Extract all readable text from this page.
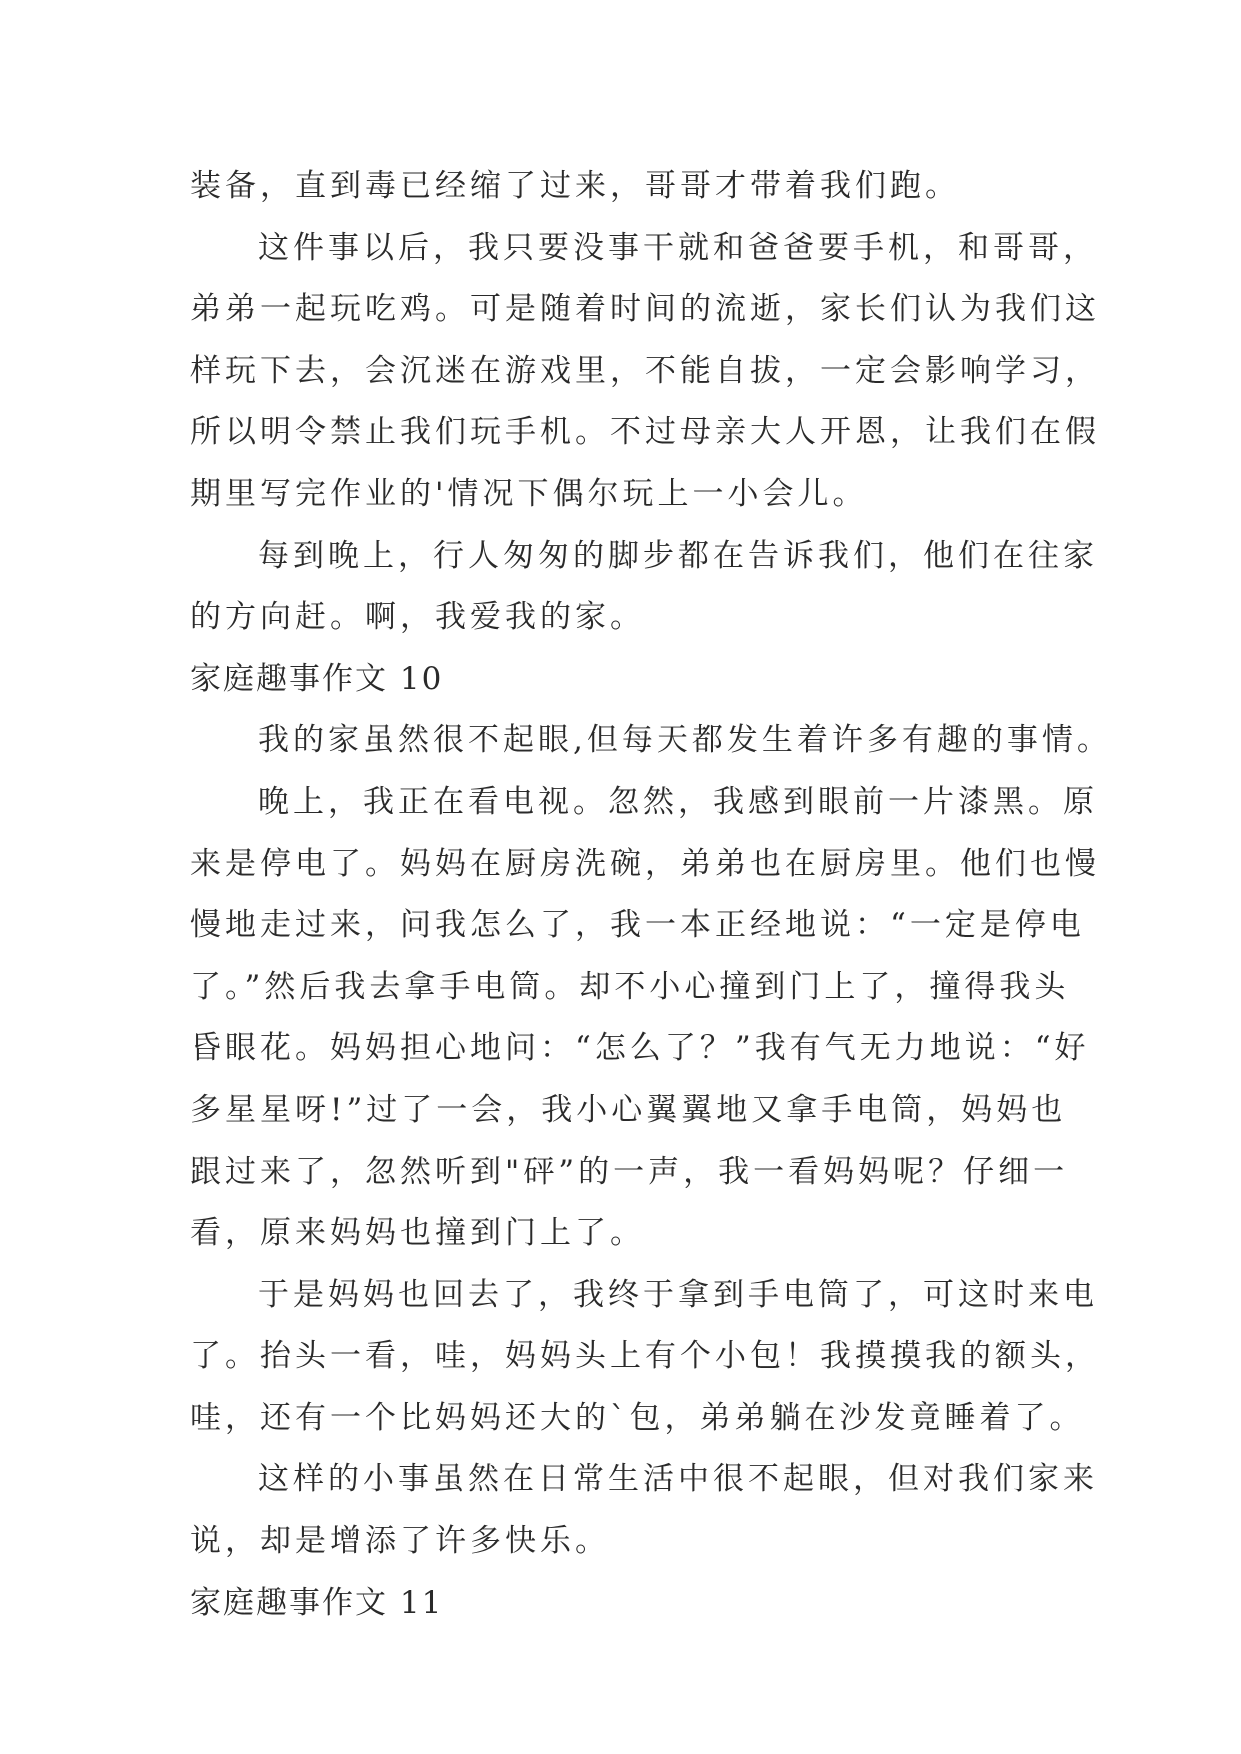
装备，直到毒已经缩了过来，哥哥才带着我们跑。
这件事以后，我只要没事干就和爸爸要手机，和哥哥，
弟弟一起玩吃鸡。可是随着时间的流逝，家长们认为我们这
样玩下去，会沉迷在游戏里，不能自拔，一定会影响学习，
所以明令禁止我们玩手机。不过母亲大人开恩，让我们在假
期里写完作业的'情况下偶尔玩上一小会儿。
每到晚上，行人匆匆的脚步都在告诉我们，他们在往家
的方向赶。啊，我爱我的家。
家庭趣事作文 10
我的家虽然很不起眼,但每天都发生着许多有趣的事情。
晚上，我正在看电视。忽然，我感到眼前一片漆黑。原
来是停电了。妈妈在厨房洗碗，弟弟也在厨房里。他们也慢
慢地走过来，问我怎么了，我一本正经地说：“一定是停电
了。”然后我去拿手电筒。却不小心撞到门上了，撞得我头
昏眼花。妈妈担心地问：“怎么了？”我有气无力地说：“好
多星星呀!”过了一会，我小心翼翼地又拿手电筒，妈妈也
跟过来了，忽然听到"砰”的一声，我一看妈妈呢？仔细一
看，原来妈妈也撞到门上了。
于是妈妈也回去了，我终于拿到手电筒了，可这时来电
了。抬头一看，哇，妈妈头上有个小包！我摸摸我的额头，
哇，还有一个比妈妈还大的`包，弟弟躺在沙发竟睡着了。
这样的小事虽然在日常生活中很不起眼，但对我们家来
说，却是增添了许多快乐。
家庭趣事作文 11
